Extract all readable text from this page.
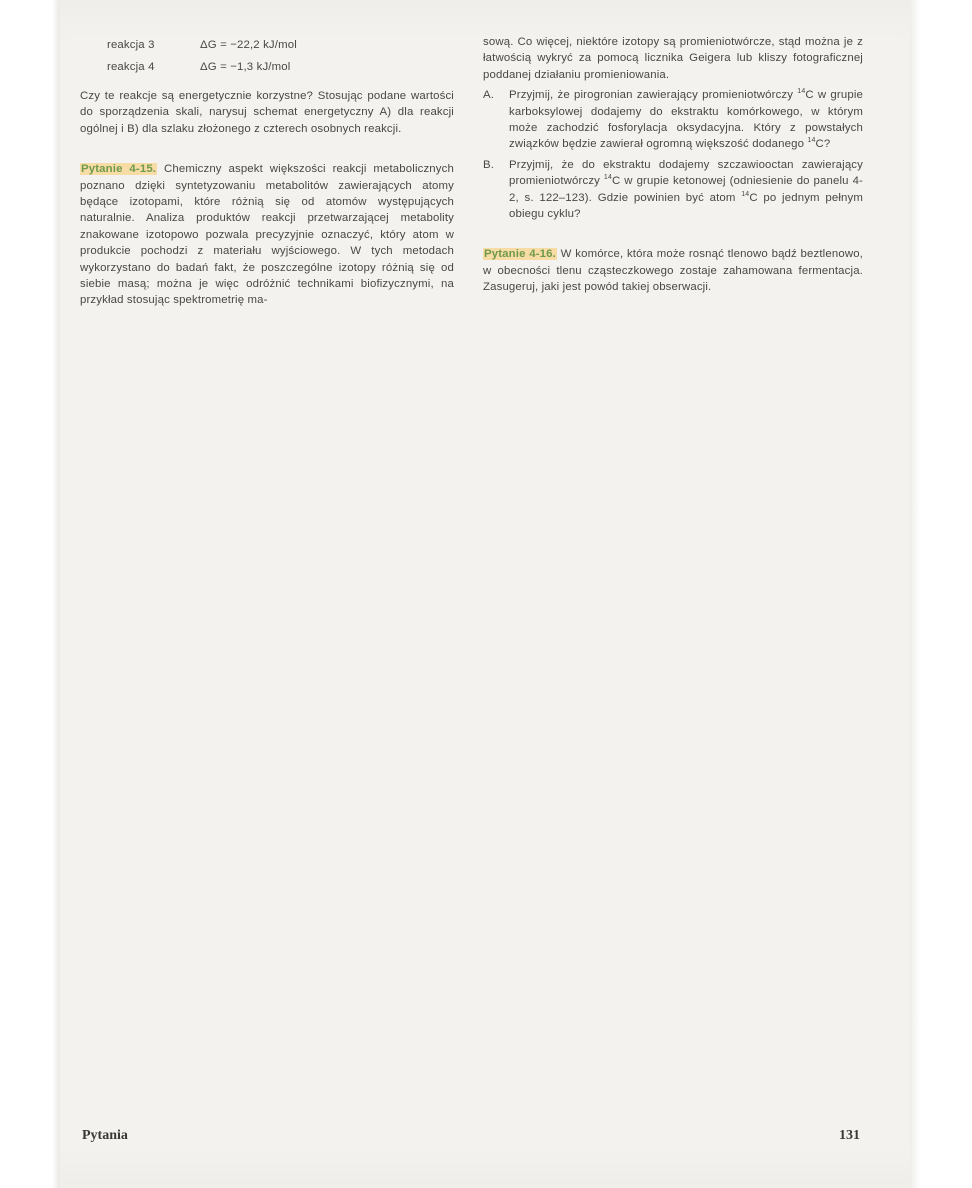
reakcja 3	ΔG = −22,2 kJ/mol
reakcja 4	ΔG = −1,3 kJ/mol

Czy te reakcje są energetycznie korzystne? Stosując podane wartości do sporządzenia skali, narysuj schemat energetyczny A) dla reakcji ogólnej i B) dla szlaku złożonego z czterech osobnych reakcji.

Pytanie 4-15. Chemiczny aspekt większości reakcji metabolicznych poznano dzięki syntetyzowaniu metabolitów zawierających atomy będące izotopami, które różnią się od atomów występujących naturalnie. Analiza produktów reakcji przetwarzającej metabolity znakowane izotopowo pozwala precyzyjnie oznaczyć, który atom w produkcie pochodzi z materiału wyjściowego. W tych metodach wykorzystano do badań fakt, że poszczególne izotopy różnią się od siebie masą; można je więc odróżnić technikami biofizycznymi, na przykład stosując spektrometrię ma-

sową. Co więcej, niektóre izotopy są promieniotwórcze, stąd można je z łatwością wykryć za pomocą licznika Geigera lub kliszy fotograficznej poddanej działaniu promieniowania.

A.	Przyjmij, że pirogronian zawierający promieniotwórczy $^{14}$C w grupie karboksylowej dodajemy do ekstraktu komórkowego, w którym może zachodzić fosforylacja oksydacyjna. Który z powstałych związków będzie zawierał ogromną większość dodanego $^{14}$C?
B.	Przyjmij, że do ekstraktu dodajemy szczawiooctan zawierający promieniotwórczy $^{14}$C w grupie ketonowej (odniesienie do panelu 4-2, s. 122–123). Gdzie powinien być atom $^{14}$C po jednym pełnym obiegu cyklu?

Pytanie 4-16. W komórce, która może rosnąć tlenowo bądź beztlenowo, w obecności tlenu cząsteczkowego zostaje zahamowana fermentacja. Zasugeruj, jaki jest powód takiej obserwacji.

Pytania	131
